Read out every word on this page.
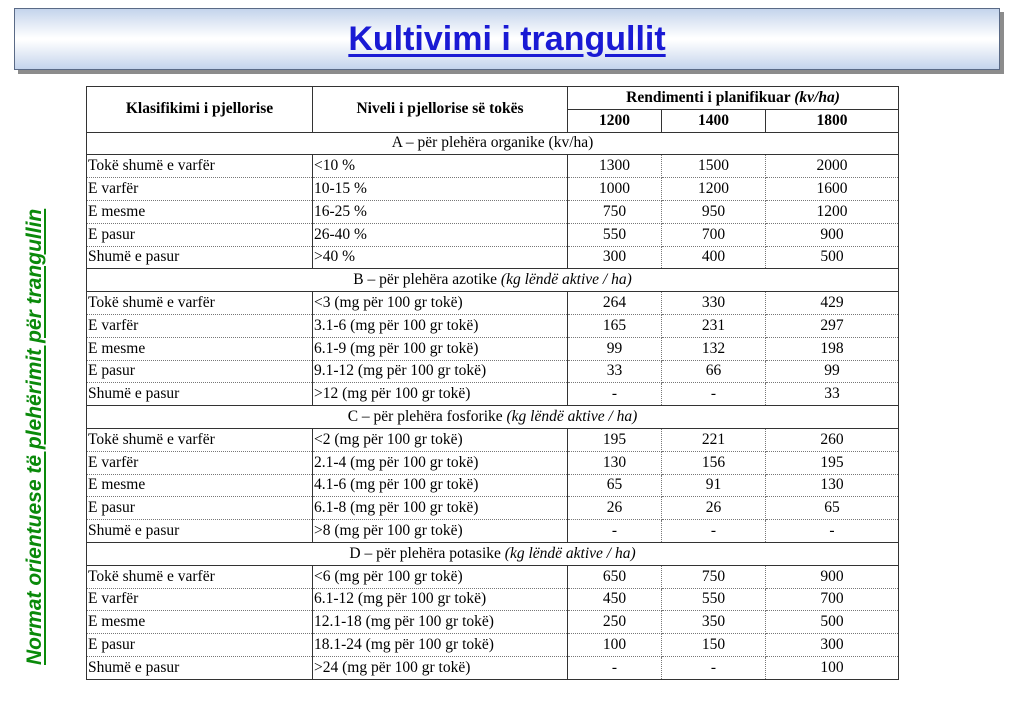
Kultivimi i trangullit
Normat orientuese të plehërimit për trangullin
Klasifikimi i pjellorise	Niveli i pjellorise së tokës	Rendimenti i planifikuar (kv/ha)		
		1200	1400	1800
A – për plehëra organike (kv/ha)				
Tokë shumë e varfër	<10 %	1300	1500	2000
E varfër	10-15 %	1000	1200	1600
E mesme	16-25 %	750	950	1200
E pasur	26-40 %	550	700	900
Shumë e pasur	>40 %	300	400	500
B – për plehëra azotike (kg lëndë aktive / ha)				
Tokë shumë e varfër	<3 (mg për 100 gr tokë)	264	330	429
E varfër	3.1-6 (mg për 100 gr tokë)	165	231	297
E mesme	6.1-9 (mg për 100 gr tokë)	99	132	198
E pasur	9.1-12 (mg për 100 gr tokë)	33	66	99
Shumë e pasur	>12 (mg për 100 gr tokë)	-	-	33
C – për plehëra fosforike (kg lëndë aktive / ha)				
Tokë shumë e varfër	<2 (mg për 100 gr tokë)	195	221	260
E varfër	2.1-4 (mg për 100 gr tokë)	130	156	195
E mesme	4.1-6 (mg për 100 gr tokë)	65	91	130
E pasur	6.1-8 (mg për 100 gr tokë)	26	26	65
Shumë e pasur	>8 (mg për 100 gr tokë)	-	-	-
D – për plehëra potasike (kg lëndë aktive / ha)				
Tokë shumë e varfër	<6 (mg për 100 gr tokë)	650	750	900
E varfër	6.1-12 (mg për 100 gr tokë)	450	550	700
E mesme	12.1-18 (mg për 100 gr tokë)	250	350	500
E pasur	18.1-24 (mg për 100 gr tokë)	100	150	300
Shumë e pasur	>24 (mg për 100 gr tokë)	-	-	100
